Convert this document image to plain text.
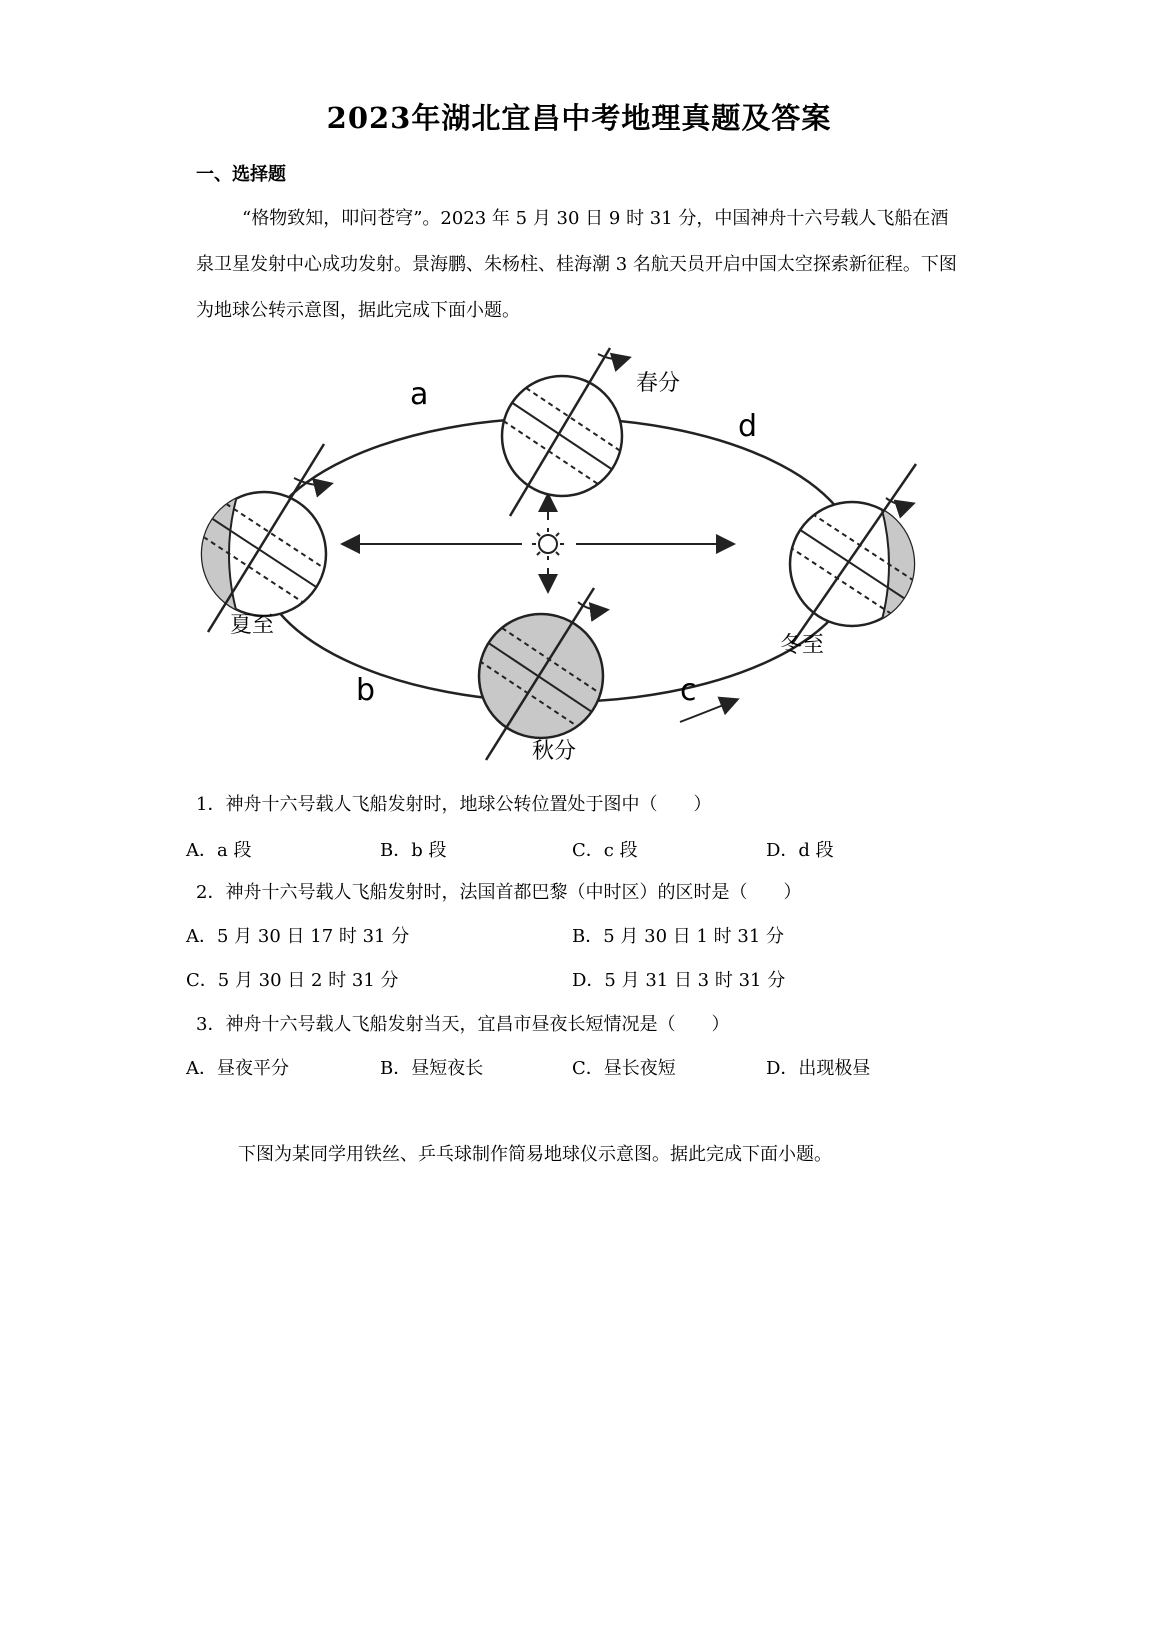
2023年湖北宜昌中考地理真题及答案
一、选择题
“格物致知，叩问苍穹”。2023 年 5 月 30 日 9 时 31 分，中国神舟十六号载人飞船在酒泉卫星发射中心成功发射。景海鹏、朱杨柱、桂海潮 3 名航天员开启中国太空探索新征程。下图为地球公转示意图，据此完成下面小题。
a
d
b	c
春分
夏至
秋分
冬至
1．神舟十六号载人飞船发射时，地球公转位置处于图中（　　）
A．a 段	B．b 段	C．c 段	D．d 段
2．神舟十六号载人飞船发射时，法国首都巴黎（中时区）的区时是（　　）
A．5 月 30 日 17 时 31 分	B．5 月 30 日 1 时 31 分
C．5 月 30 日 2 时 31 分	D．5 月 31 日 3 时 31 分
3．神舟十六号载人飞船发射当天，宜昌市昼夜长短情况是（　　）
A．昼夜平分	B．昼短夜长	C．昼长夜短	D．出现极昼
下图为某同学用铁丝、乒乓球制作简易地球仪示意图。据此完成下面小题。
